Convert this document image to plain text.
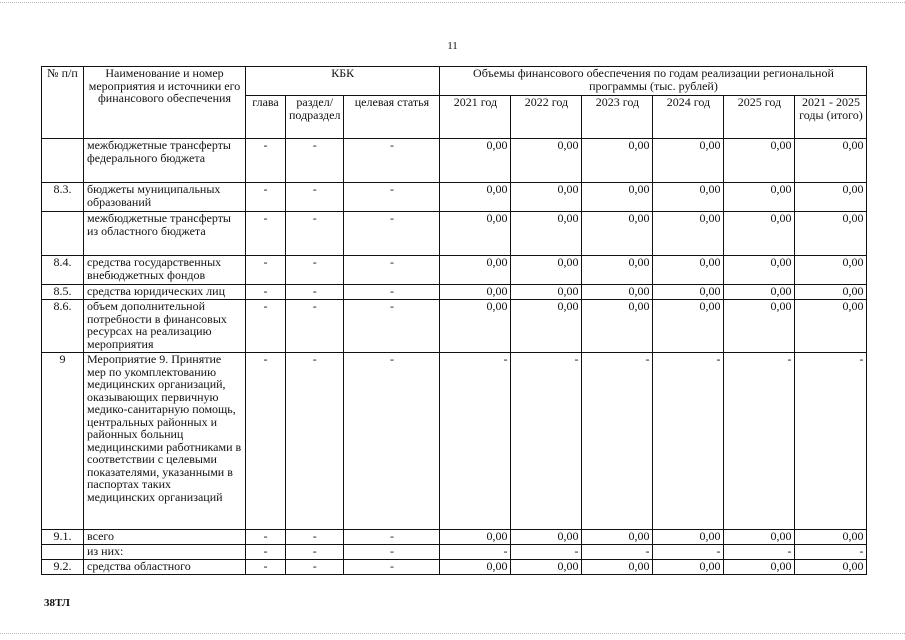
11
№ п/п	Наименование и номер мероприятия и источники его финансового обеспечения	КБК			Объемы финансового обеспечения по годам реализации региональной программы (тыс. рублей)					
		глава	раздел/ подраздел	целевая статья	2021 год	2022 год	2023 год	2024 год	2025 год	2021 - 2025 годы (итого)
	межбюджетные трансферты федерального бюджета	-	-	-	0,00	0,00	0,00	0,00	0,00	0,00
8.3.	бюджеты муниципальных образований	-	-	-	0,00	0,00	0,00	0,00	0,00	0,00
	межбюджетные трансферты из областного бюджета	-	-	-	0,00	0,00	0,00	0,00	0,00	0,00
8.4.	средства государственных внебюджетных фондов	-	-	-	0,00	0,00	0,00	0,00	0,00	0,00
8.5.	средства юридических лиц	-	-	-	0,00	0,00	0,00	0,00	0,00	0,00
8.6.	объем дополнительной потребности в финансовых ресурсах на реализацию мероприятия	-	-	-	0,00	0,00	0,00	0,00	0,00	0,00
9	Мероприятие 9. Принятие мер по укомплектованию медицинских организаций, оказывающих первичную медико-санитарную помощь, центральных районных и районных больниц медицинскими работниками в соответствии с целевыми показателями, указанными в паспортах таких медицинских организаций	-	-	-	-	-	-	-	-	-
9.1.	всего	-	-	-	0,00	0,00	0,00	0,00	0,00	0,00
	из них:	-	-	-	-	-	-	-	-	-
9.2.	средства областного	-	-	-	0,00	0,00	0,00	0,00	0,00	0,00
38ТЛ
